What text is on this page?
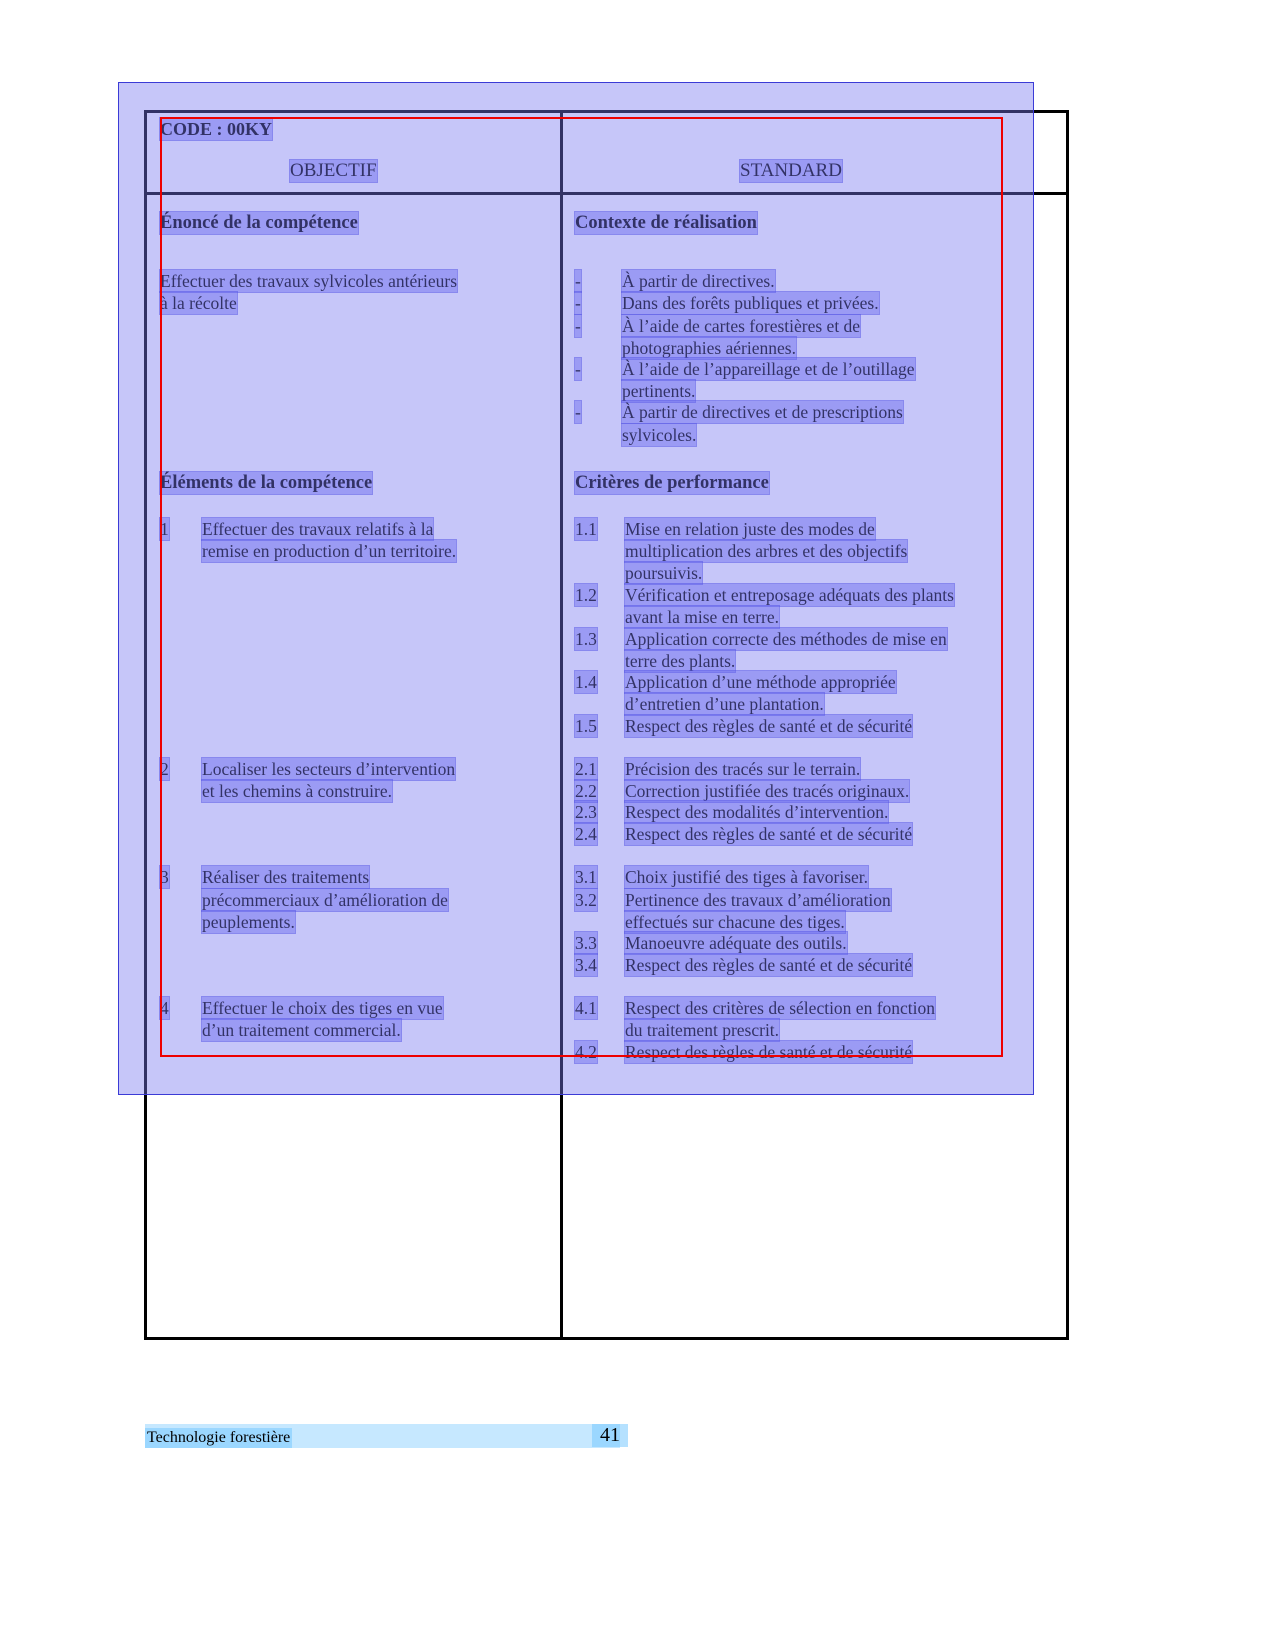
CODE : 00KY
OBJECTIF	STANDARD
Énoncé de la compétence
Effectuer des travaux sylvicoles antérieurs
à la récolte
Éléments de la compétence
1 Effectuer des travaux relatifs à la
remise en production d’un territoire.
2 Localiser les secteurs d’intervention
et les chemins à construire.
3 Réaliser des traitements
précommerciaux d’amélioration de
peuplements.
4 Effectuer le choix des tiges en vue
d’un traitement commercial.
Contexte de réalisation
- À partir de directives.
- Dans des forêts publiques et privées.
- À l’aide de cartes forestières et de
photographies aériennes.
- À l’aide de l’appareillage et de l’outillage
pertinents.
- À partir de directives et de prescriptions
sylvicoles.
Critères de performance
1.1 Mise en relation juste des modes de
multiplication des arbres et des objectifs
poursuivis.
1.2 Vérification et entreposage adéquats des plants
avant la mise en terre.
1.3 Application correcte des méthodes de mise en
terre des plants.
1.4 Application d’une méthode appropriée
d’entretien d’une plantation.
1.5 Respect des règles de santé et de sécurité
2.1 Précision des tracés sur le terrain.
2.2 Correction justifiée des tracés originaux.
2.3 Respect des modalités d’intervention.
2.4 Respect des règles de santé et de sécurité
3.1 Choix justifié des tiges à favoriser.
3.2 Pertinence des travaux d’amélioration
effectués sur chacune des tiges.
3.3 Manoeuvre adéquate des outils.
3.4 Respect des règles de santé et de sécurité
4.1 Respect des critères de sélection en fonction
du traitement prescrit.
4.2 Respect des règles de santé et de sécurité
Technologie forestière	41
